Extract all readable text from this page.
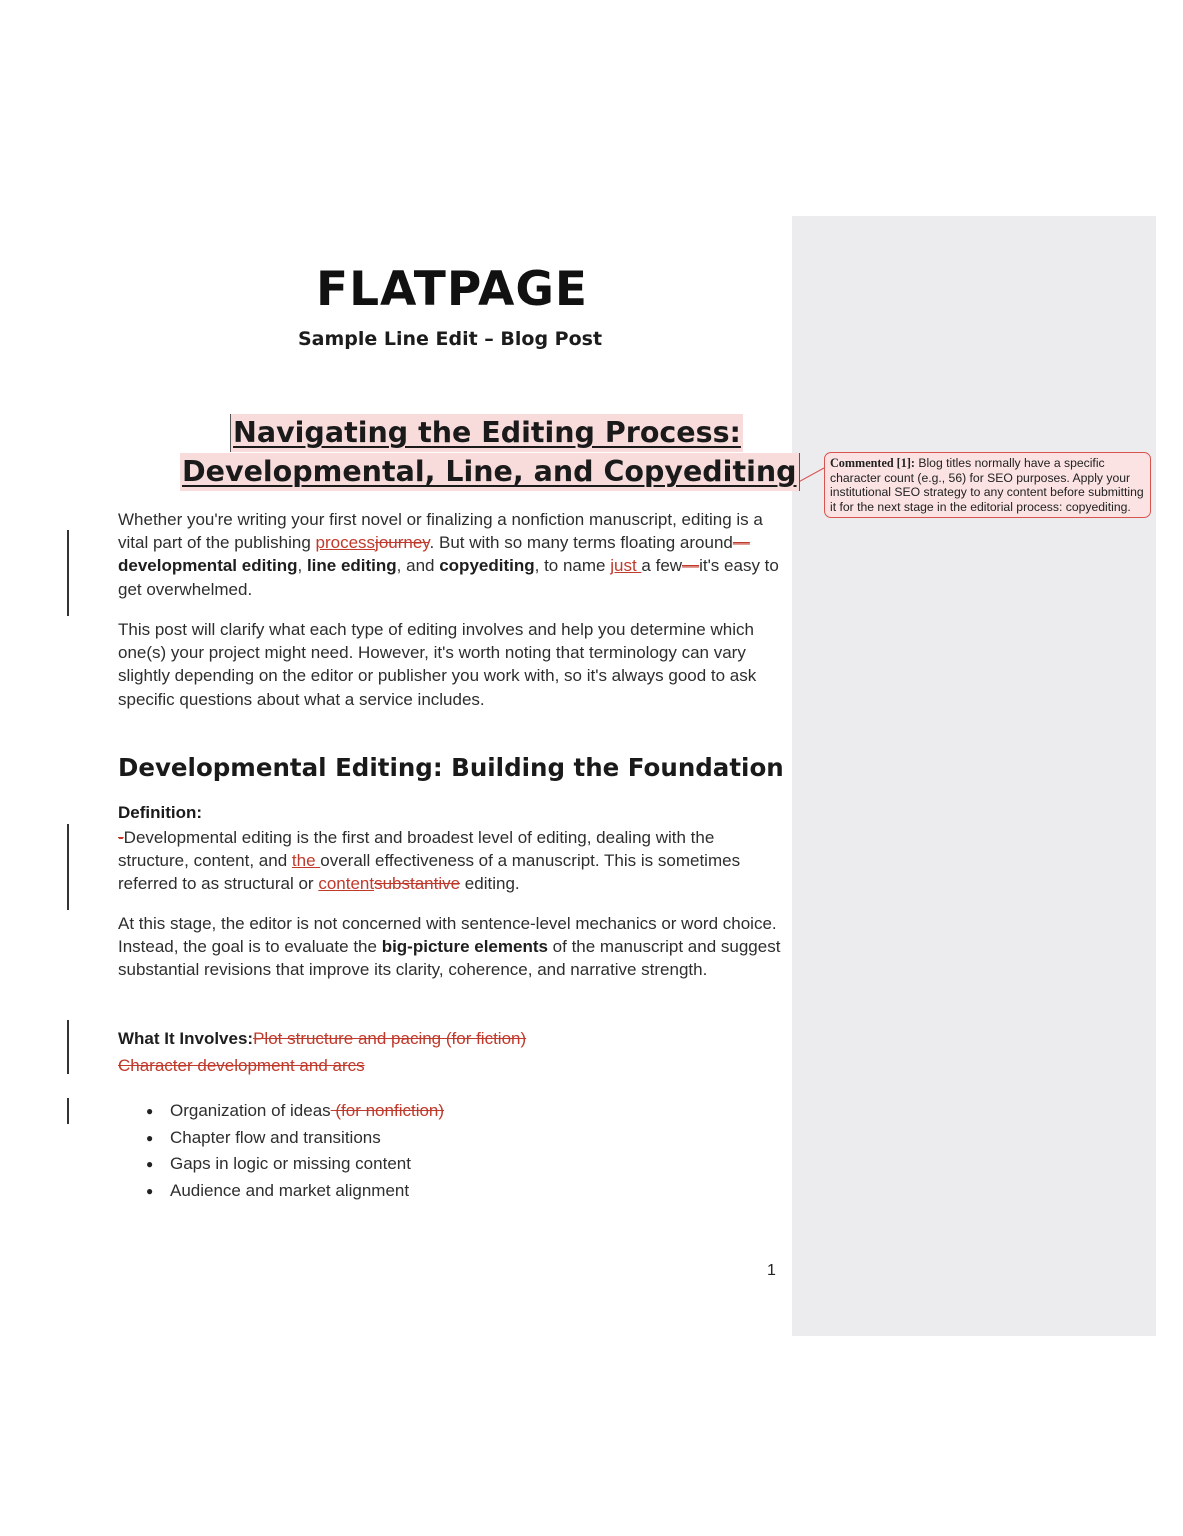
Commented [1]: Blog titles normally have a specific character count (e.g., 56) for SEO purposes. Apply your institutional SEO strategy to any content before submitting it for the next stage in the editorial process: copyediting.
FLATPAGE
Sample Line Edit – Blog Post
Navigating the Editing Process:
Developmental, Line, and Copyediting
Whether you're writing your first novel or finalizing a nonfiction manuscript, editing is a vital part of the publishing processjourney. But with so many terms floating around—developmental editing, line editing, and copyediting, to name just a few—it's easy to get overwhelmed.
This post will clarify what each type of editing involves and help you determine which one(s) your project might need. However, it's worth noting that terminology can vary slightly depending on the editor or publisher you work with, so it's always good to ask specific questions about what a service includes.
Developmental Editing: Building the Foundation
Definition:
-Developmental editing is the first and broadest level of editing, dealing with the structure, content, and the overall effectiveness of a manuscript. This is sometimes referred to as structural or contentsubstantive editing.
At this stage, the editor is not concerned with sentence-level mechanics or word choice. Instead, the goal is to evaluate the big-picture elements of the manuscript and suggest substantial revisions that improve its clarity, coherence, and narrative strength.
What It Involves:Plot structure and pacing (for fiction)
Character development and arcs
● Organization of ideas (for nonfiction)
● Chapter flow and transitions
● Gaps in logic or missing content
● Audience and market alignment
1
